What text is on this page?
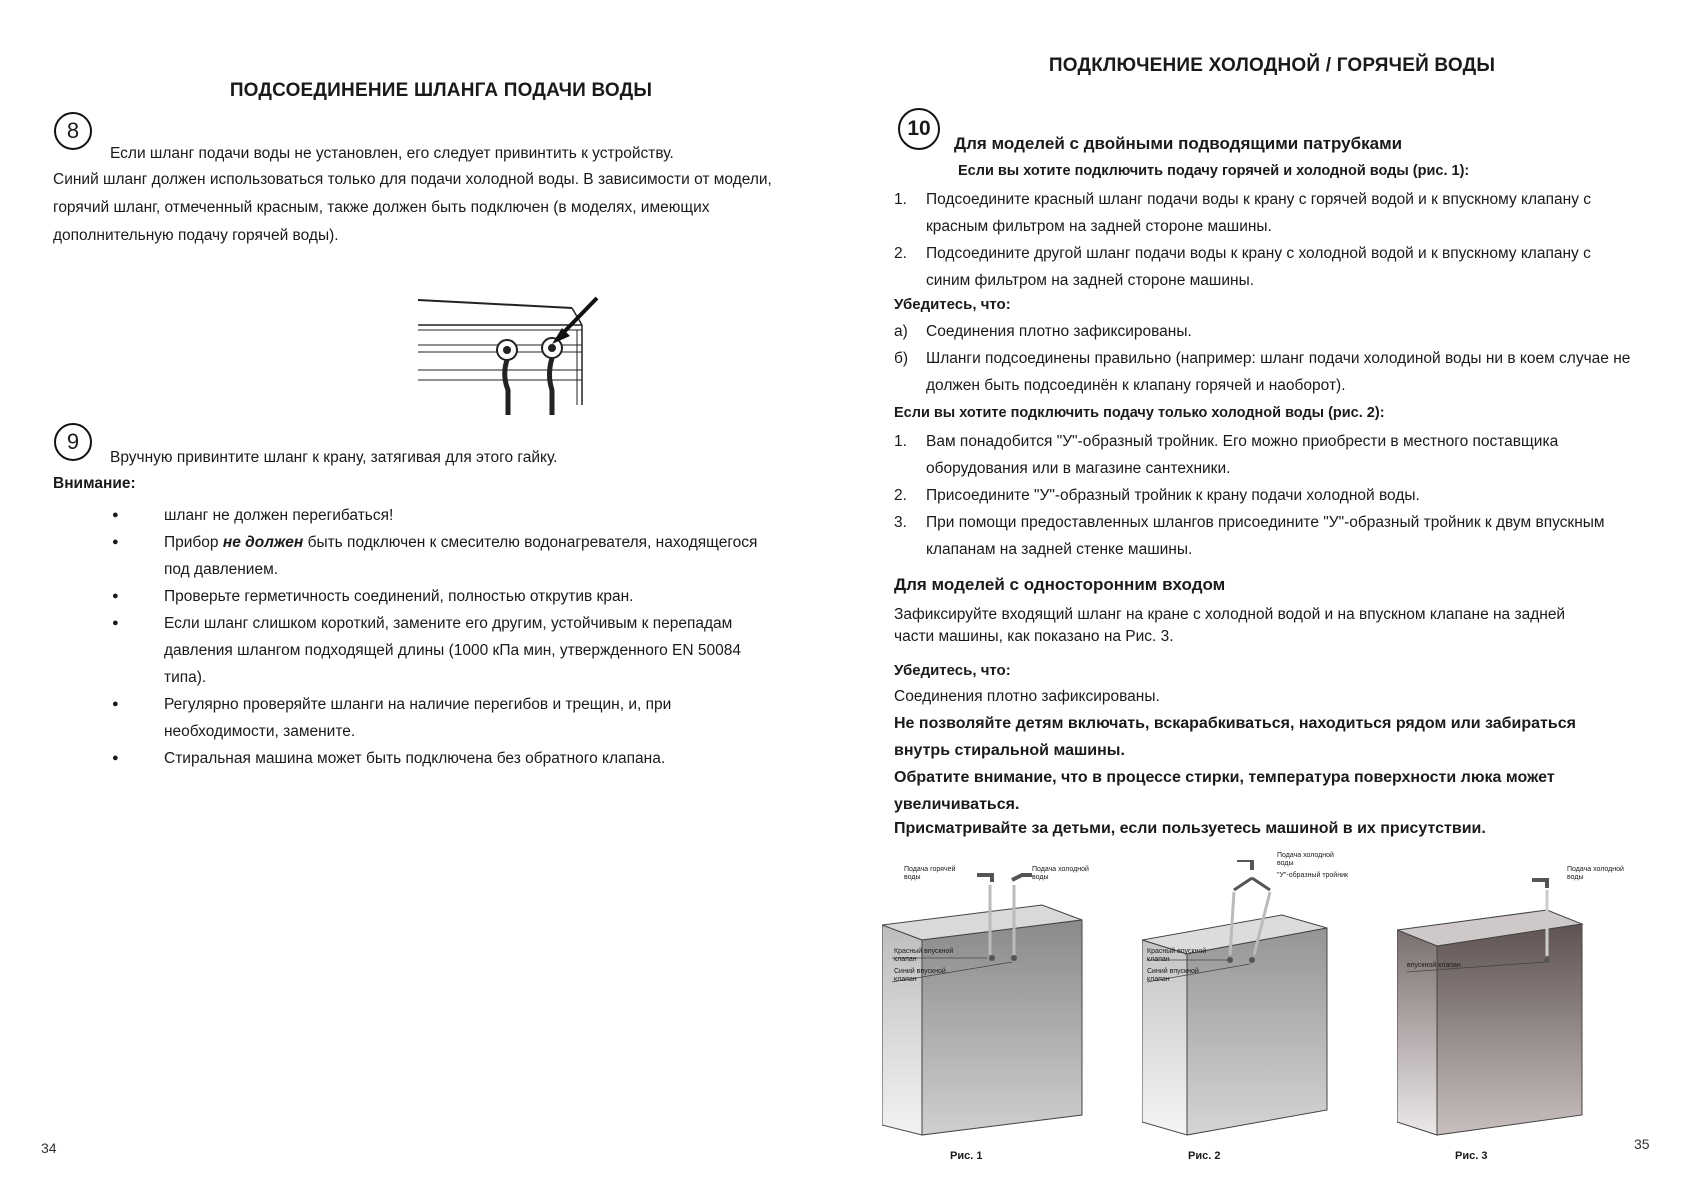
ПОДСОЕДИНЕНИЕ ШЛАНГА ПОДАЧИ ВОДЫ
8
Если шланг подачи воды не установлен, его следует привинтить к устройству.
Синий шланг должен использоваться только для подачи холодной воды. В зависимости от модели, горячий шланг, отмеченный красным, также должен быть подключен (в моделях, имеющих дополнительную подачу горячей воды).
9
Вручную привинтите шланг к крану, затягивая для этого гайку.
Внимание:
● шланг не должен перегибаться!
● Прибор не должен быть подключен к смесителю водонагревателя, находящегося под давлением.
● Проверьте герметичность соединений, полностью открутив кран.
● Если шланг слишком короткий, замените его другим, устойчивым к перепадам давления шлангом подходящей длины (1000 кПа мин, утвержденного EN 50084 типа).
● Регулярно проверяйте шланги на наличие перегибов и трещин, и, при необходимости, замените.
● Стиральная машина может быть подключена без обратного клапана.
34
ПОДКЛЮЧЕНИЕ ХОЛОДНОЙ / ГОРЯЧЕЙ ВОДЫ
10
Для моделей с двойными подводящими патрубками
Если вы хотите подключить подачу горячей и холодной воды (рис. 1):
1. Подсоедините красный шланг подачи воды к крану с горячей водой и к впускному клапану с красным фильтром на задней стороне машины.
2. Подсоедините другой шланг подачи воды к крану с холодной водой и к впускному клапану с синим фильтром на задней стороне машины.
Убедитесь, что:
а) Соединения плотно зафиксированы.
б) Шланги подсоединены правильно (например: шланг подачи холодиной воды ни в коем случае не должен быть подсоединён к клапану горячей и наоборот).
Если вы хотите подключить подачу только холодной воды (рис. 2):
1. Вам понадобится "У"-образный тройник. Его можно приобрести в местного поставщика оборудования или в магазине сантехники.
2. Присоедините "У"-образный тройник к крану подачи холодной воды.
3. При помощи предоставленных шлангов присоедините "У"-образный тройник к двум впускным клапанам на задней стенке машины.
Для моделей с односторонним входом
Зафиксируйте входящий шланг на кране с холодной водой и на впускном клапане на задней части машины, как показано на Рис. 3.
Убедитесь, что:
Соединения плотно зафиксированы.
Не позволяйте детям включать, вскарабкиваться, находиться рядом или забираться внутрь стиральной машины.
Обратите внимание, что в процессе стирки, температура поверхности люка может увеличиваться.
Присматривайте за детьми, если пользуетесь машиной в их присутствии.
Подача горячей воды
Подача холодной воды
Красный впускной клапан
Синий впускной клапан
Рис. 1
Подача холодной воды
"У"-образный тройник
Красный впускной клапан
Синий впускной клапан
Рис. 2
Подача холодной воды
впускной клапан
Рис. 3
35
